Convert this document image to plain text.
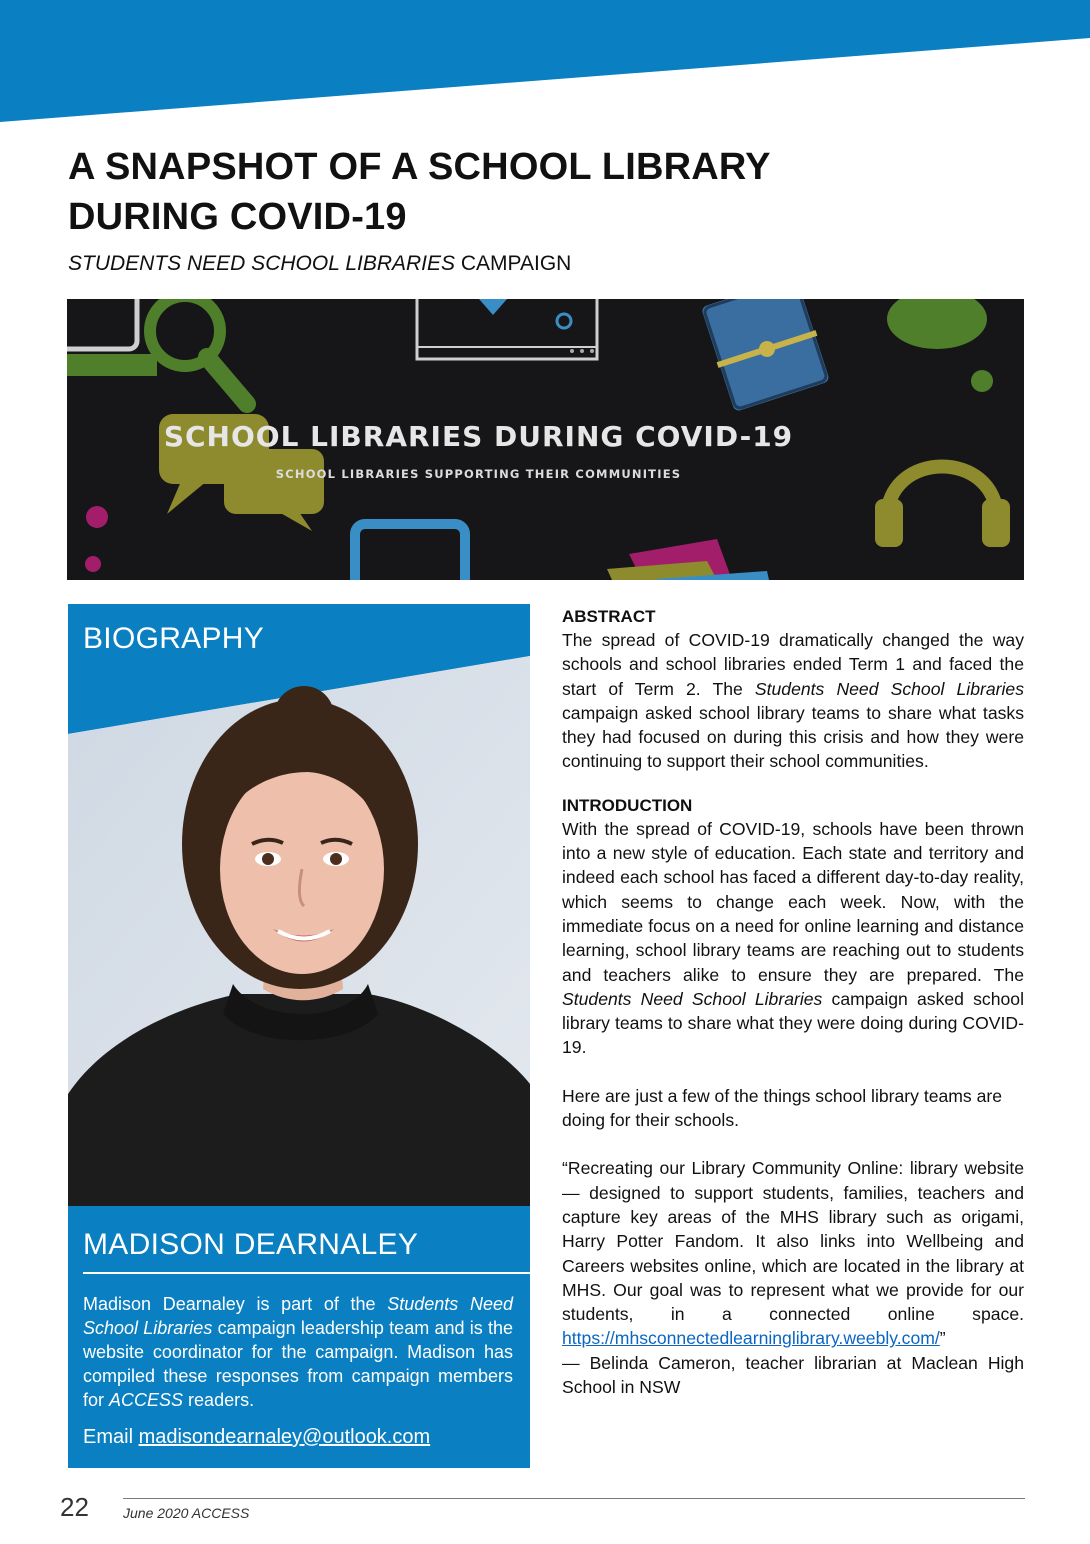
A SNAPSHOT OF A SCHOOL LIBRARY
DURING COVID-19

STUDENTS NEED SCHOOL LIBRARIES CAMPAIGN

SCHOOL LIBRARIES DURING COVID-19
SCHOOL LIBRARIES SUPPORTING THEIR COMMUNITIES
BIOGRAPHY
MADISON DEARNALEY

Madison Dearnaley is part of the Students Need School Libraries campaign leadership team and is the website coordinator for the campaign. Madison has compiled these responses from campaign members for ACCESS readers.

Email madisondearnaley@outlook.com

ABSTRACT

The spread of COVID-19 dramatically changed the way schools and school libraries ended Term 1 and faced the start of Term 2. The Students Need School Libraries campaign asked school library teams to share what tasks they had focused on during this crisis and how they were continuing to support their school communities.

INTRODUCTION

With the spread of COVID-19, schools have been thrown into a new style of education. Each state and territory and indeed each school has faced a different day-to-day reality, which seems to change each week. Now, with the immediate focus on a need for online learning and distance learning, school library teams are reaching out to students and teachers alike to ensure they are prepared. The Students Need School Libraries campaign asked school library teams to share what they were doing during COVID-19.

Here are just a few of the things school library teams are doing for their schools.

“Recreating our Library Community Online: library website — designed to support students, families, teachers and capture key areas of the MHS library such as origami, Harry Potter Fandom. It also links into Wellbeing and Careers websites online, which are located in the library at MHS. Our goal was to represent what we provide for our students, in a connected online space. https://mhsconnectedlearninglibrary.weebly.com/”
— Belinda Cameron, teacher librarian at Maclean High School in NSW

22 June 2020 ACCESS
